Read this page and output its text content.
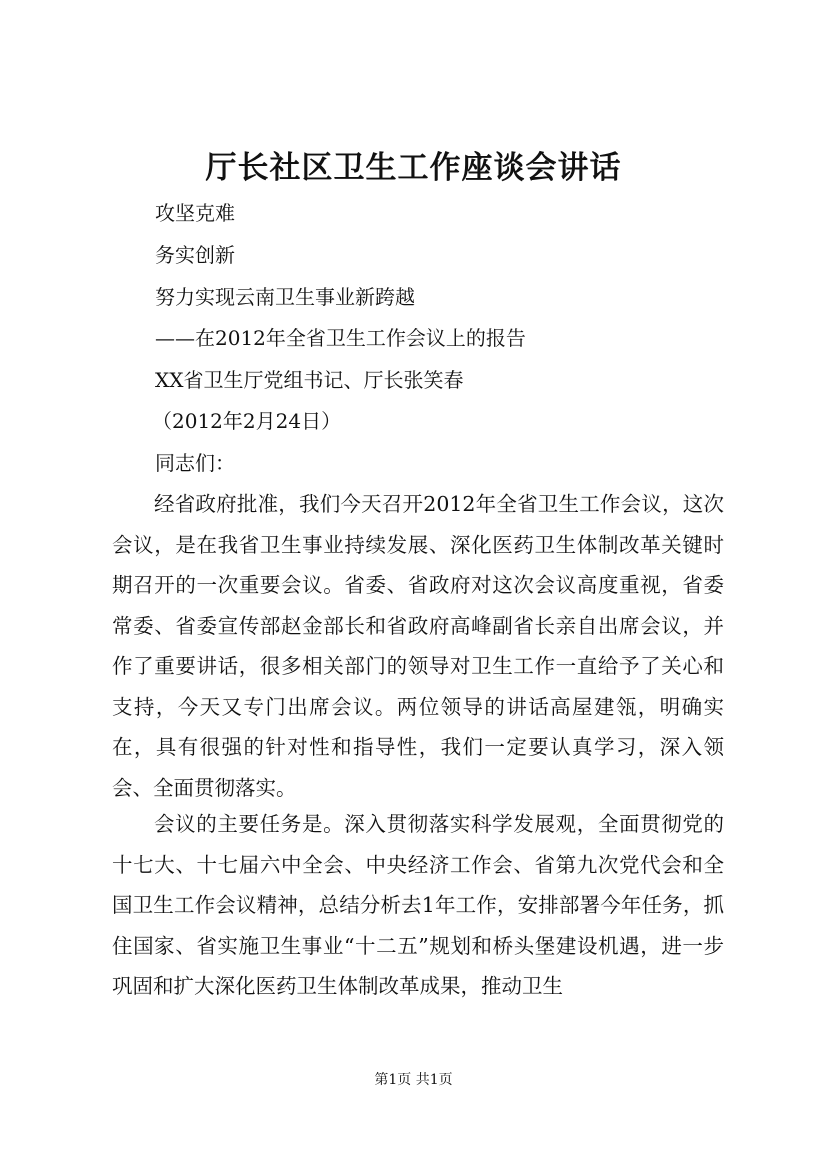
厅长社区卫生工作座谈会讲话

攻坚克难

务实创新

努力实现云南卫生事业新跨越

——在2012年全省卫生工作会议上的报告

XX省卫生厅党组书记、厅长张笑春

（2012年2月24日）

同志们：

经省政府批准，我们今天召开2012年全省卫生工作会议，这次会议，是在我省卫生事业持续发展、深化医药卫生体制改革关键时期召开的一次重要会议。省委、省政府对这次会议高度重视，省委常委、省委宣传部赵金部长和省政府高峰副省长亲自出席会议，并作了重要讲话，很多相关部门的领导对卫生工作一直给予了关心和支持，今天又专门出席会议。两位领导的讲话高屋建瓴，明确实在，具有很强的针对性和指导性，我们一定要认真学习，深入领会、全面贯彻落实。

会议的主要任务是。深入贯彻落实科学发展观，全面贯彻党的十七大、十七届六中全会、中央经济工作会、省第九次党代会和全国卫生工作会议精神，总结分析去1年工作，安排部署今年任务，抓住国家、省实施卫生事业“十二五”规划和桥头堡建设机遇，进一步巩固和扩大深化医药卫生体制改革成果，推动卫生

第1页 共1页
